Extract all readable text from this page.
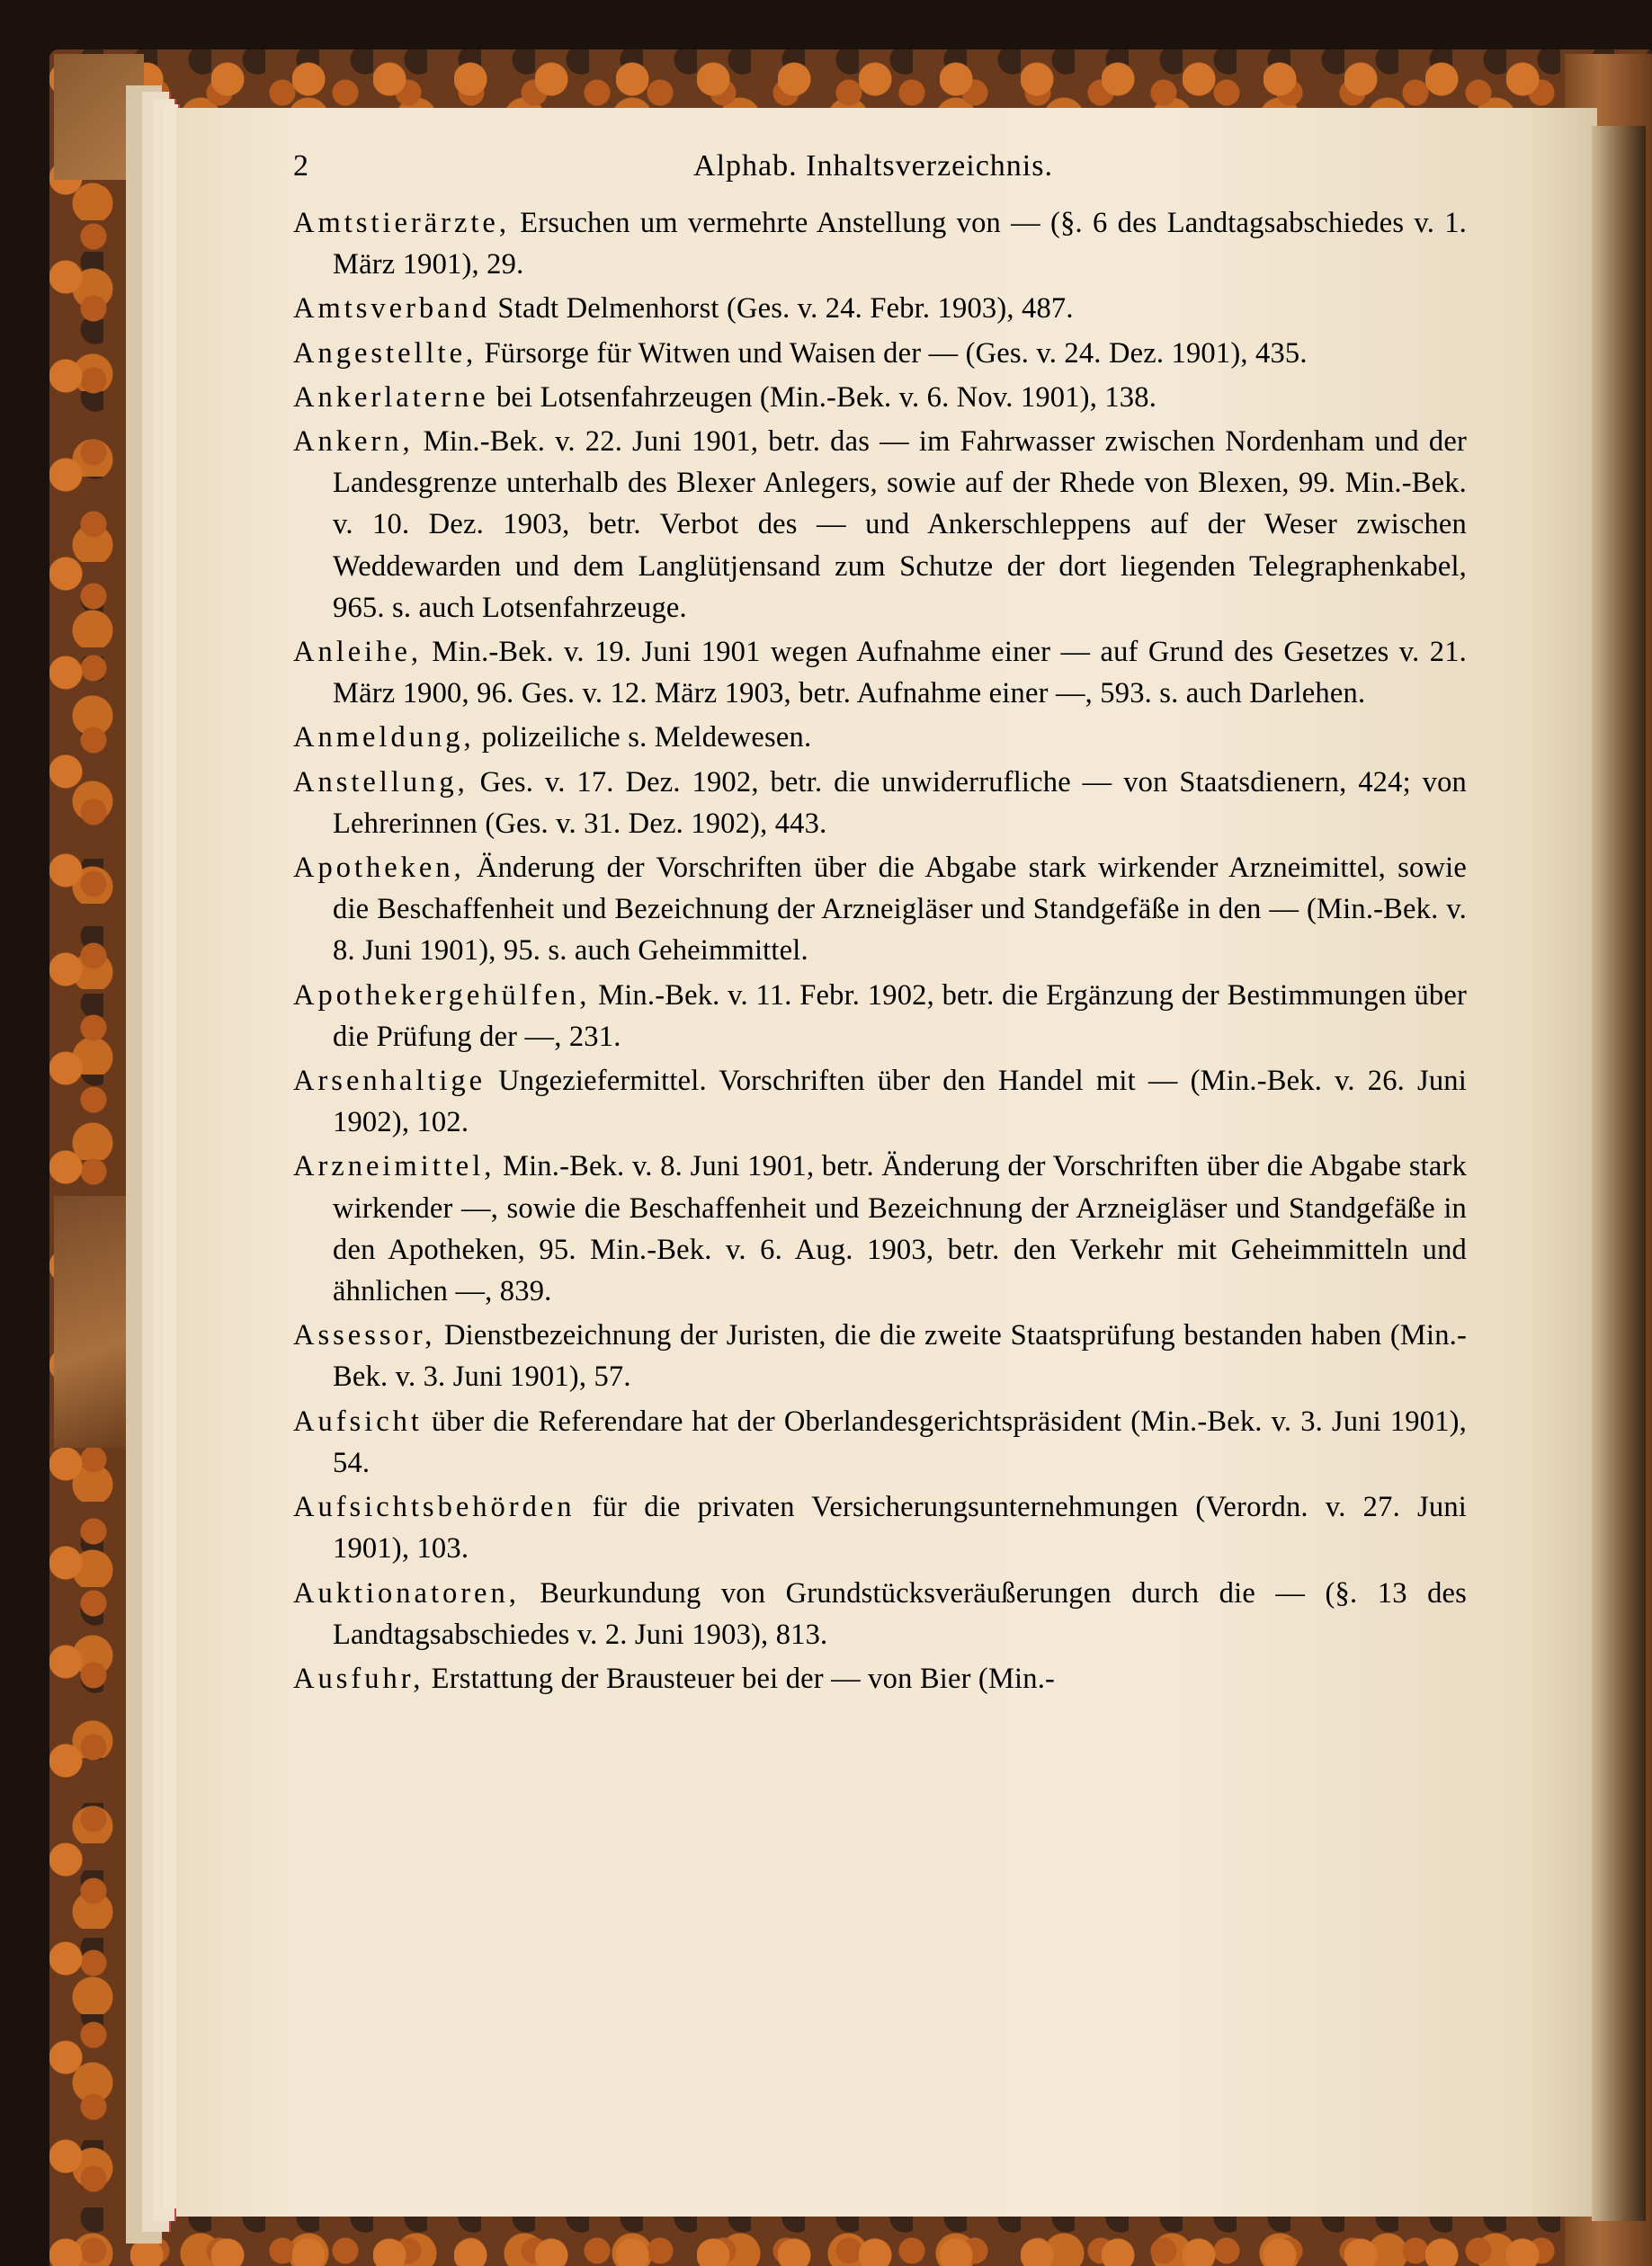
2	Alphab. Inhaltsverzeichnis.

Amtstierärzte, Ersuchen um vermehrte Anstellung von — (§. 6 des Landtagsabschiedes v. 1. März 1901), 29.

Amtsverband Stadt Delmenhorst (Ges. v. 24. Febr. 1903), 487.

Angestellte, Fürsorge für Witwen und Waisen der — (Ges. v. 24. Dez. 1901), 435.

Ankerlaterne bei Lotsenfahrzeugen (Min.-Bek. v. 6. Nov. 1901), 138.

Ankern, Min.-Bek. v. 22. Juni 1901, betr. das — im Fahrwasser zwischen Nordenham und der Landesgrenze unterhalb des Blexer Anlegers, sowie auf der Rhede von Blexen, 99. Min.-Bek. v. 10. Dez. 1903, betr. Verbot des — und Ankerschleppens auf der Weser zwischen Weddewarden und dem Langlütjensand zum Schutze der dort liegenden Telegraphenkabel, 965. s. auch Lotsenfahrzeuge.

Anleihe, Min.-Bek. v. 19. Juni 1901 wegen Aufnahme einer — auf Grund des Gesetzes v. 21. März 1900, 96. Ges. v. 12. März 1903, betr. Aufnahme einer —, 593. s. auch Darlehen.

Anmeldung, polizeiliche s. Meldewesen.

Anstellung, Ges. v. 17. Dez. 1902, betr. die unwiderrufliche — von Staatsdienern, 424; von Lehrerinnen (Ges. v. 31. Dez. 1902), 443.

Apotheken, Änderung der Vorschriften über die Abgabe stark wirkender Arzneimittel, sowie die Beschaffenheit und Bezeichnung der Arzneigläser und Standgefäße in den — (Min.-Bek. v. 8. Juni 1901), 95. s. auch Geheimmittel.

Apothekergehülfen, Min.-Bek. v. 11. Febr. 1902, betr. die Ergänzung der Bestimmungen über die Prüfung der —, 231.

Arsenhaltige Ungeziefermittel. Vorschriften über den Handel mit — (Min.-Bek. v. 26. Juni 1902), 102.

Arzneimittel, Min.-Bek. v. 8. Juni 1901, betr. Änderung der Vorschriften über die Abgabe stark wirkender —, sowie die Beschaffenheit und Bezeichnung der Arzneigläser und Standgefäße in den Apotheken, 95. Min.-Bek. v. 6. Aug. 1903, betr. den Verkehr mit Geheimmitteln und ähnlichen —, 839.

Assessor, Dienstbezeichnung der Juristen, die die zweite Staatsprüfung bestanden haben (Min.-Bek. v. 3. Juni 1901), 57.

Aufsicht über die Referendare hat der Oberlandesgerichtspräsident (Min.-Bek. v. 3. Juni 1901), 54.

Aufsichtsbehörden für die privaten Versicherungsunternehmungen (Verordn. v. 27. Juni 1901), 103.

Auktionatoren, Beurkundung von Grundstücksveräußerungen durch die — (§. 13 des Landtagsabschiedes v. 2. Juni 1903), 813.

Ausfuhr, Erstattung der Brausteuer bei der — von Bier (Min.-
